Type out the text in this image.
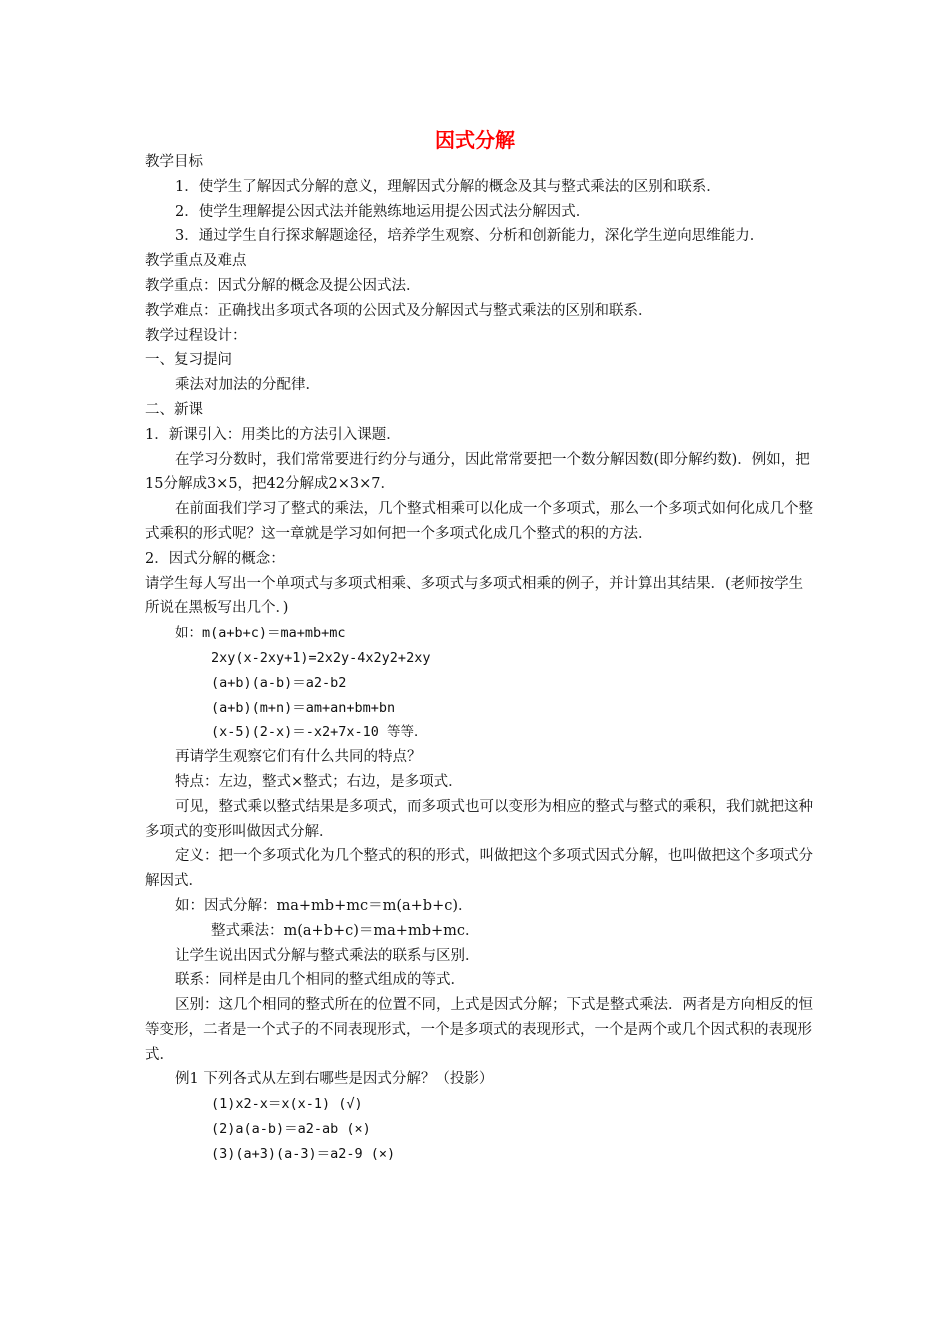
因式分解

教学目标

1．使学生了解因式分解的意义，理解因式分解的概念及其与整式乘法的区别和联系．

2．使学生理解提公因式法并能熟练地运用提公因式法分解因式．

3．通过学生自行探求解题途径，培养学生观察、分析和创新能力，深化学生逆向思维能力．

教学重点及难点

教学重点：因式分解的概念及提公因式法．

教学难点：正确找出多项式各项的公因式及分解因式与整式乘法的区别和联系．

教学过程设计：

一、复习提问

乘法对加法的分配律．

二、新课

1．新课引入：用类比的方法引入课题．

在学习分数时，我们常常要进行约分与通分，因此常常要把一个数分解因数(即分解约数)．例如，把15分解成3×5，把42分解成2×3×7．

在前面我们学习了整式的乘法，几个整式相乘可以化成一个多项式，那么一个多项式如何化成几个整式乘积的形式呢？这一章就是学习如何把一个多项式化成几个整式的积的方法．

2．因式分解的概念：

请学生每人写出一个单项式与多项式相乘、多项式与多项式相乘的例子，并计算出其结果．(老师按学生所说在黑板写出几个．)

如：m(a+b+c)＝ma+mb+mc

2xy(x-2xy+1)=2x2y-4x2y2+2xy

(a+b)(a-b)＝a2-b2

(a+b)(m+n)＝am+an+bm+bn

(x-5)(2-x)＝-x2+7x-10 等等．

再请学生观察它们有什么共同的特点？

特点：左边，整式×整式；右边，是多项式．

可见，整式乘以整式结果是多项式，而多项式也可以变形为相应的整式与整式的乘积，我们就把这种多项式的变形叫做因式分解．

定义：把一个多项式化为几个整式的积的形式，叫做把这个多项式因式分解，也叫做把这个多项式分解因式．

如：因式分解：ma+mb+mc＝m(a+b+c)．

整式乘法：m(a+b+c)＝ma+mb+mc．

让学生说出因式分解与整式乘法的联系与区别．

联系：同样是由几个相同的整式组成的等式．

区别：这几个相同的整式所在的位置不同，上式是因式分解；下式是整式乘法．两者是方向相反的恒等变形，二者是一个式子的不同表现形式，一个是多项式的表现形式，一个是两个或几个因式积的表现形式．

例1 下列各式从左到右哪些是因式分解？（投影）

(1)x2-x＝x(x-1) (√)

(2)a(a-b)＝a2-ab (×)

(3)(a+3)(a-3)＝a2-9 (×)
